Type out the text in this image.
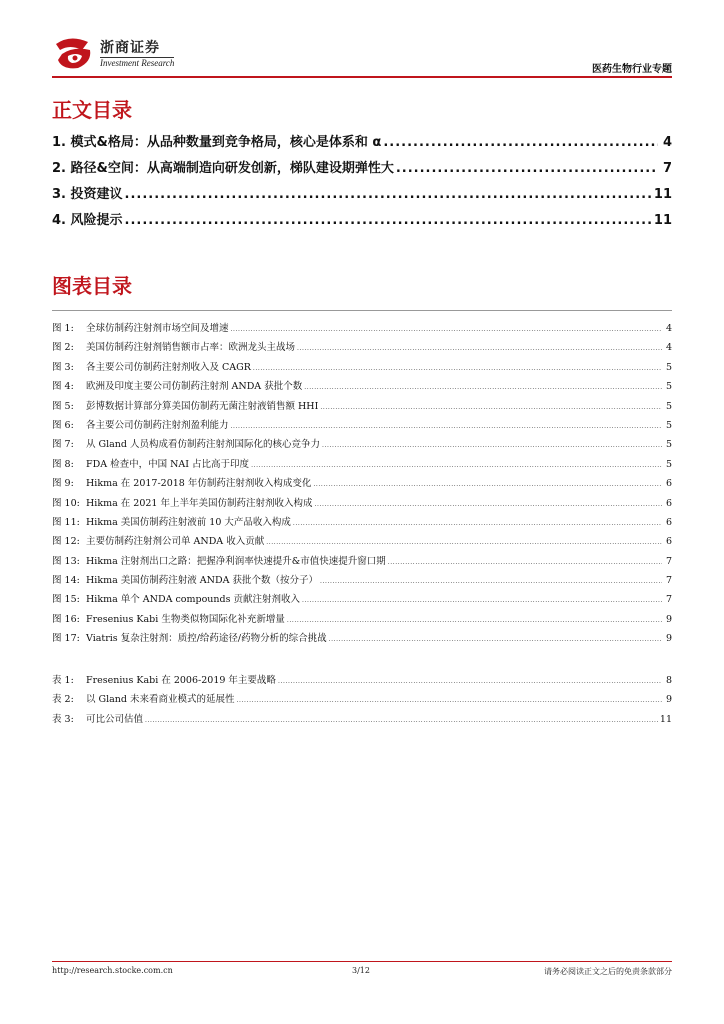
浙商证券
Investment Research
医药生物行业专题
正文目录
1. 模式&格局：从品种数量到竞争格局，核心是体系和 α .....	4
2. 路径&空间：从高端制造向研发创新，梯队建设期弹性大 .....	7
3. 投资建议 .....	11
4. 风险提示 .....	11
图表目录
图 1:	全球仿制药注射剂市场空间及增速 .....	4
图 2:	美国仿制药注射剂销售额市占率：欧洲龙头主战场 .....	4
图 3:	各主要公司仿制药注射剂收入及 CAGR .....	5
图 4:	欧洲及印度主要公司仿制药注射剂 ANDA 获批个数 .....	5
图 5:	彭博数据计算部分算美国仿制药无菌注射液销售额 HHI .....	5
图 6:	各主要公司仿制药注射剂盈利能力 .....	5
图 7:	从 Gland 人员构成看仿制药注射剂国际化的核心竞争力 .....	5
图 8:	FDA 检查中，中国 NAI 占比高于印度 .....	5
图 9:	Hikma 在 2017-2018 年仿制药注射剂收入构成变化 .....	6
图 10: Hikma 在 2021 年上半年美国仿制药注射剂收入构成 .....	6
图 11: Hikma 美国仿制药注射液前 10 大产品收入构成 .....	6
图 12: 主要仿制药注射剂公司单 ANDA 收入贡献 .....	6
图 13: Hikma 注射剂出口之路：把握净利润率快速提升&市值快速提升窗口期 .....	7
图 14: Hikma 美国仿制药注射液 ANDA 获批个数（按分子） .....	7
图 15: Hikma 单个 ANDA compounds 贡献注射剂收入 .....	7
图 16: Fresenius Kabi 生物类似物国际化补充新增量 .....	9
图 17: Viatris 复杂注射剂：质控/给药途径/药物分析的综合挑战 .....	9
表 1:	Fresenius Kabi 在 2006-2019 年主要战略 .....	8
表 2:	以 Gland 未来看商业模式的延展性 .....	9
表 3:	可比公司估值 .....	11
http://research.stocke.com.cn	3/12	请务必阅读正文之后的免责条款部分
